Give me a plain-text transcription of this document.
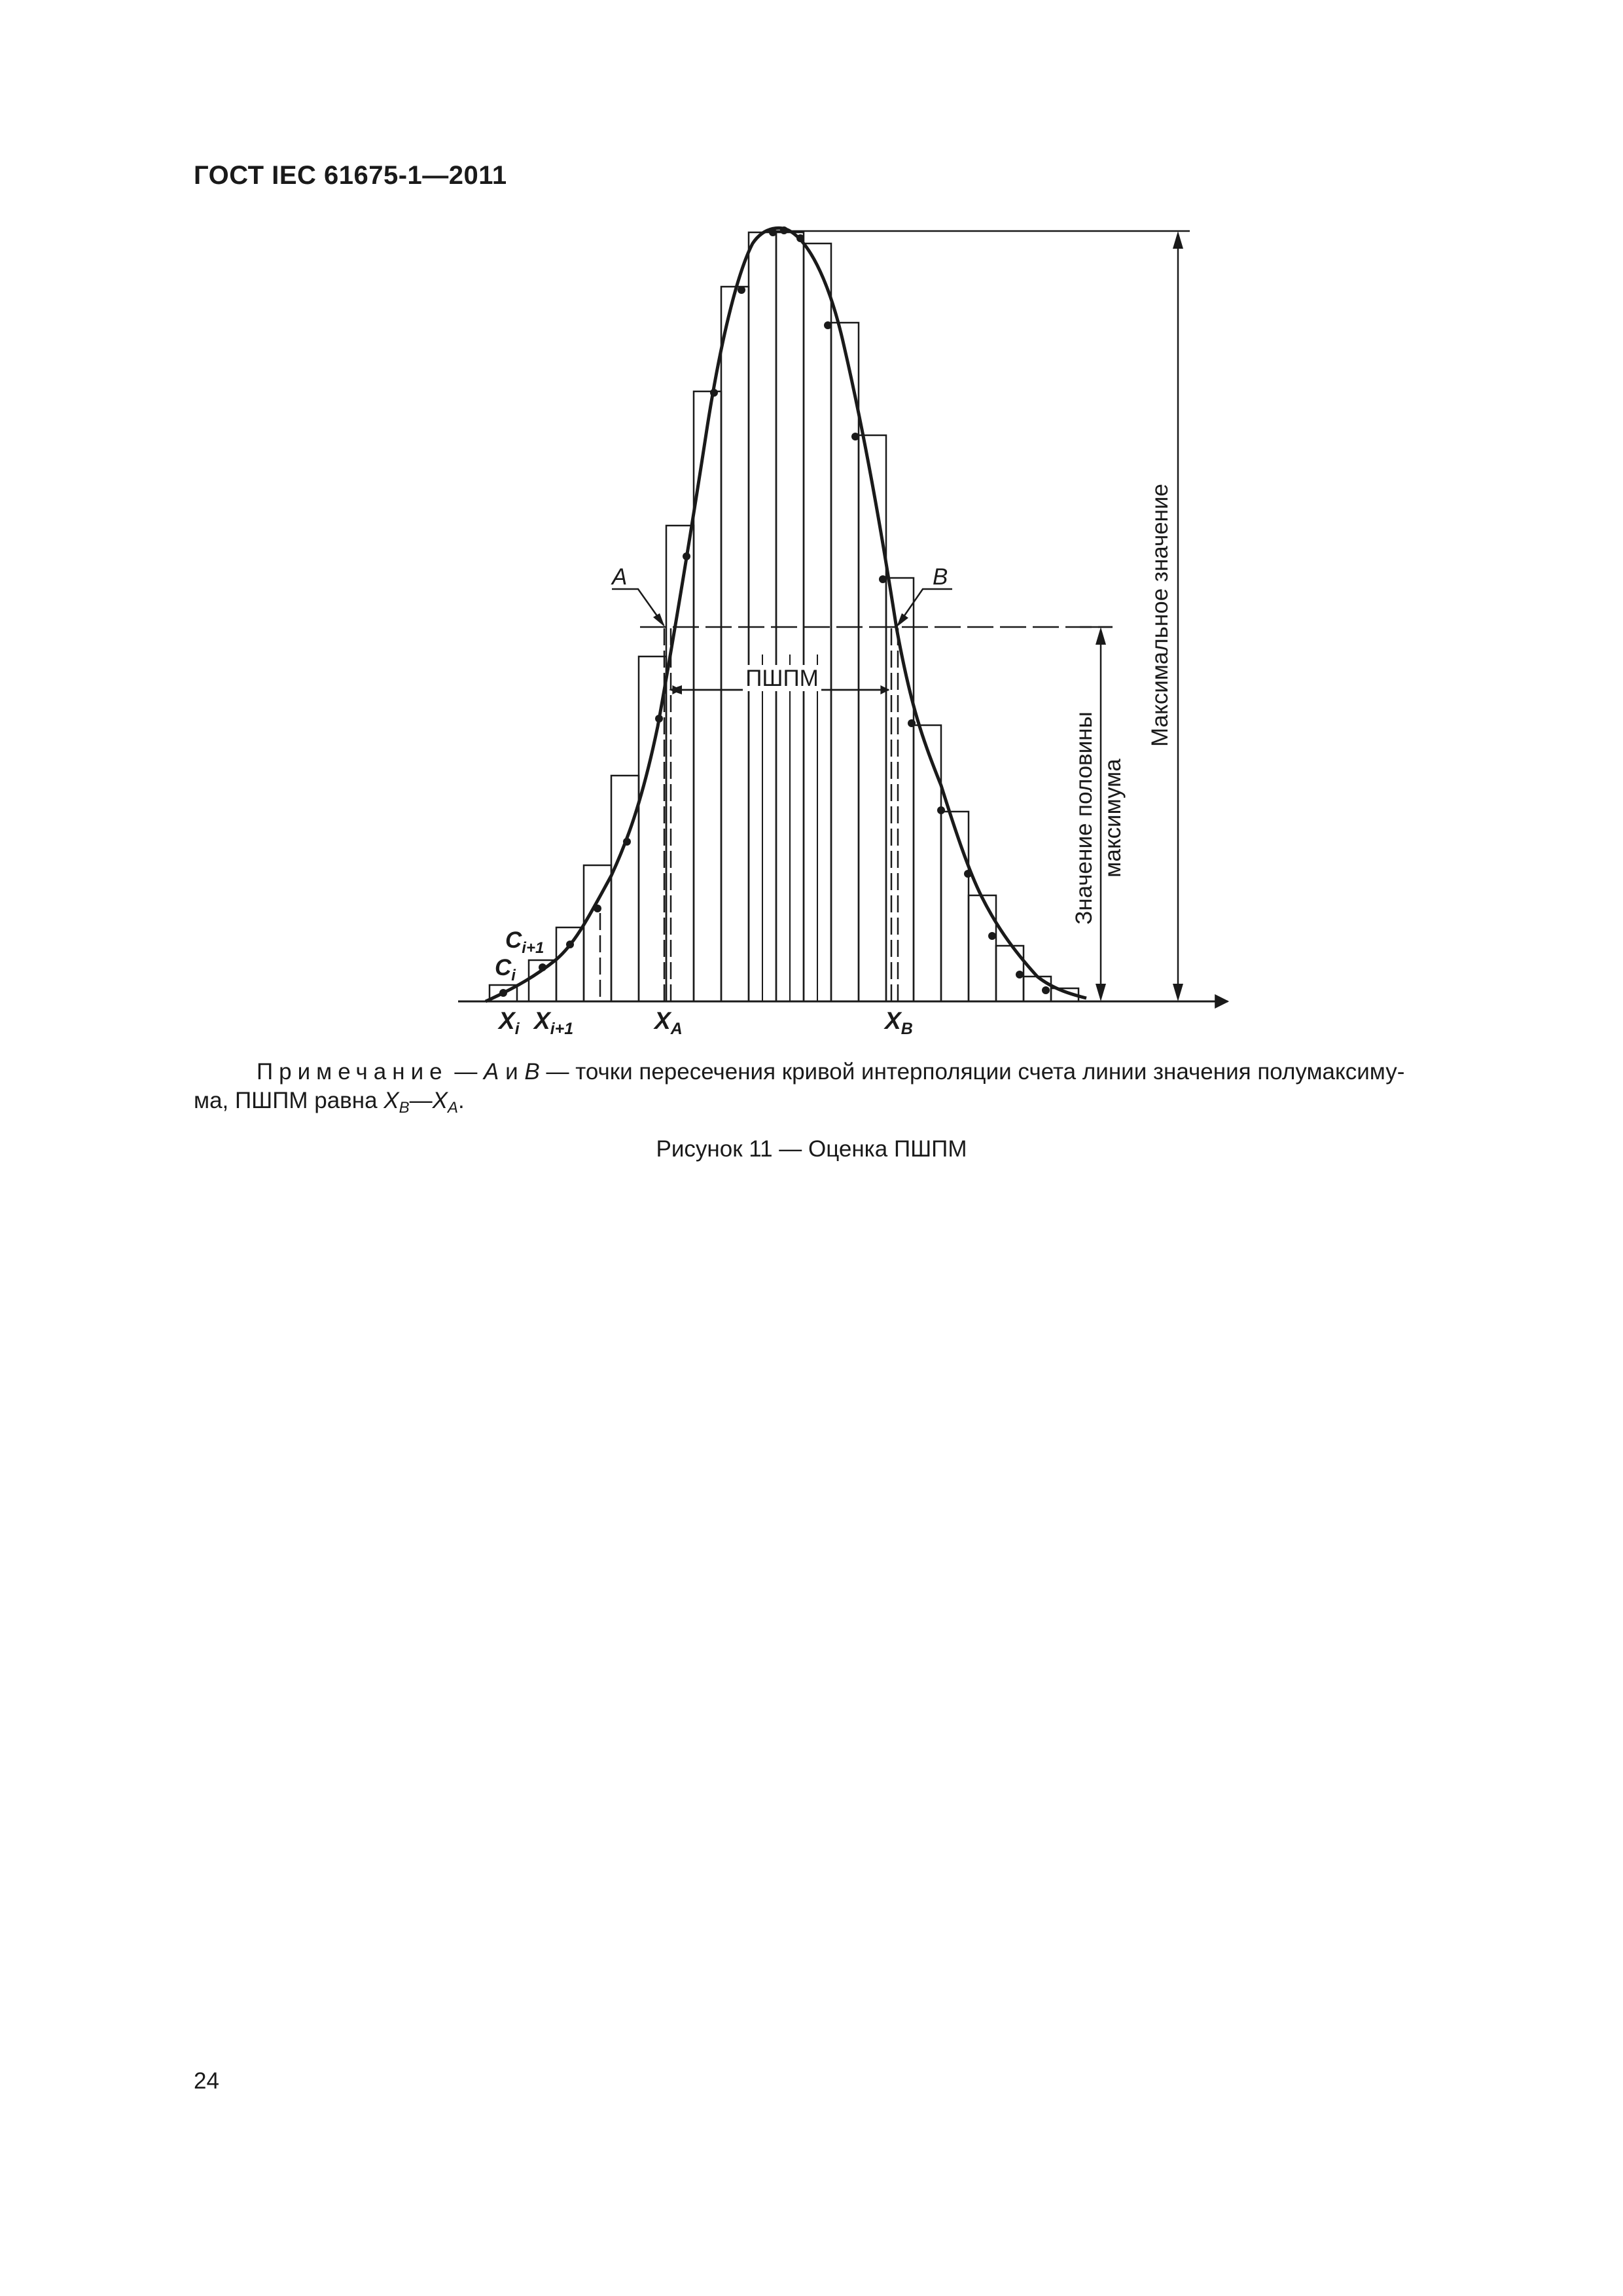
ГОСТ IEC 61675-1—2011
ПШПМ
Значение половины максимума
Максимальное значение
A	B
$C_{i+1}$
$C_i$
$X_i$ $X_{i+1}$	$X_A$	$X_B$
Примечание — A и B — точки пересечения кривой интерполяции счета линии значения полумаксиму-
ма, ПШПМ равна $X_B—X_A$.
Рисунок 11 — Оценка ПШПМ
24
